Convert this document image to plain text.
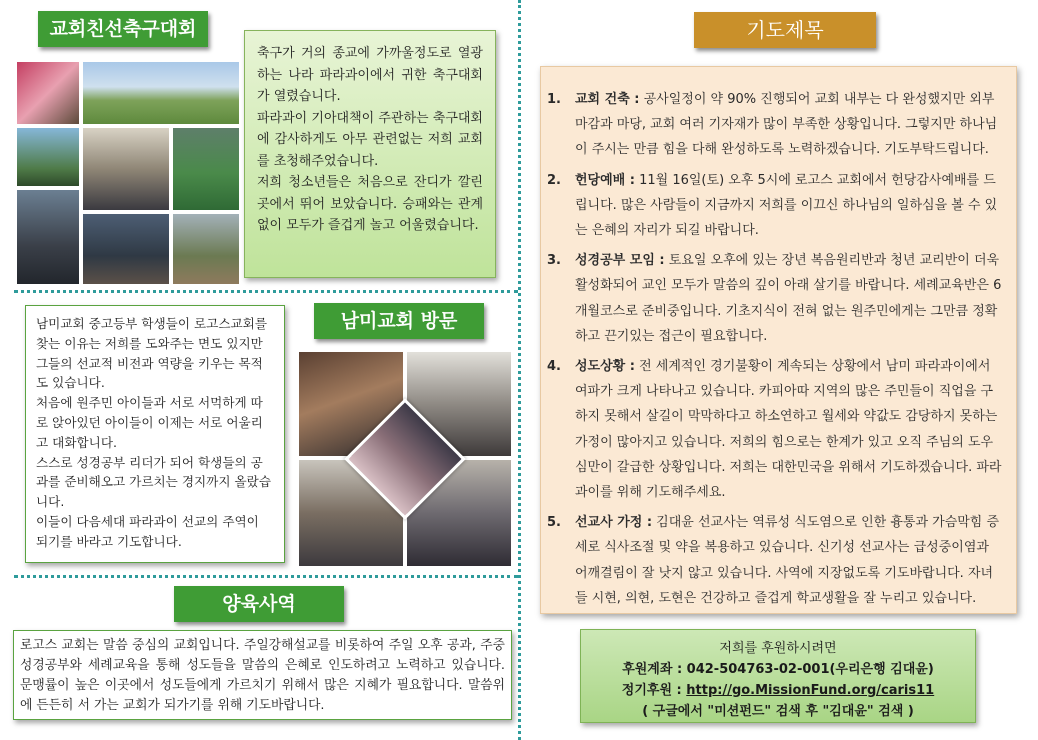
교회친선축구대회
축구가 거의 종교에 가까울정도로 열광하는 나라 파라과이에서 귀한 축구대회가 열렸습니다.
파라과이 기아대책이 주관하는 축구대회에 감사하게도 아무 관련없는 저희 교회를 초청해주었습니다.
저희 청소년들은 처음으로 잔디가 깔린 곳에서 뛰어 보았습니다. 승패와는 관계없이 모두가 즐겁게 놀고 어울렸습니다.

남미교회 중고등부 학생들이 로고스교회를 찾는 이유는 저희를 도와주는 면도 있지만 그들의 선교적 비전과 역량을 키우는 목적도 있습니다.

처음에 원주민 아이들과 서로 서먹하게 따로 앉아있던 아이들이 이제는 서로 어울리고 대화합니다.

스스로 성경공부 리더가 되어 학생들의 공과를 준비해오고 가르치는 경지까지 올랐습니다.

이들이 다음세대 파라과이 선교의 주역이 되기를 바라고 기도합니다.

남미교회 방문
양육사역

로고스 교회는 말씀 중심의 교회입니다. 주일강해설교를 비롯하여 주일 오후 공과, 주중성경공부와 세례교육을 통해 성도들을 말씀의 은혜로 인도하려고 노력하고 있습니다. 문맹률이 높은 이곳에서 성도들에게 가르치기 위해서 많은 지혜가 필요합니다. 말씀위에 든든히 서 가는 교회가 되가기를 위해 기도바랍니다.

기도제목
1. 교회 건축 : 공사일정이 약 90% 진행되어 교회 내부는 다 완성했지만 외부 마감과 마당, 교회 여러 기자재가 많이 부족한 상황입니다. 그렇지만 하나님이 주시는 만큼 힘을 다해 완성하도록 노력하겠습니다. 기도부탁드립니다.
2. 헌당예배 : 11월 16일(토) 오후 5시에 로고스 교회에서 헌당감사예배를 드립니다. 많은 사람들이 지금까지 저희를 이끄신 하나님의 일하심을 볼 수 있는 은혜의 자리가 되길 바랍니다.
3. 성경공부 모임 : 토요일 오후에 있는 장년 복음원리반과 청년 교리반이 더욱 활성화되어 교인 모두가 말씀의 깊이 아래 살기를 바랍니다. 세례교육반은 6개월코스로 준비중입니다. 기초지식이 전혀 없는 원주민에게는 그만큼 정확하고 끈기있는 접근이 필요합니다.
4. 성도상황 : 전 세계적인 경기불황이 계속되는 상황에서 남미 파라과이에서 여파가 크게 나타나고 있습니다. 카피아따 지역의 많은 주민들이 직업을 구하지 못해서 살길이 막막하다고 하소연하고 월세와 약값도 감당하지 못하는 가정이 많아지고 있습니다. 저희의 힘으로는 한계가 있고 오직 주님의 도우심만이 갈급한 상황입니다. 저희는 대한민국을 위해서 기도하겠습니다. 파라과이를 위해 기도해주세요.
5. 선교사 가정 : 김대윤 선교사는 역류성 식도염으로 인한 흉통과 가슴막힘 증세로 식사조절 및 약을 복용하고 있습니다. 신기성 선교사는 급성중이염과 어깨결림이 잘 낫지 않고 있습니다. 사역에 지장없도록 기도바랍니다. 자녀들 시현, 의현, 도현은 건강하고 즐겁게 학교생활을 잘 누리고 있습니다.
저희를 후원하시려면
후원계좌 : 042-504763-02-001(우리은행 김대윤)
정기후원 : http://go.MissionFund.org/caris11
( 구글에서 "미션펀드" 검색 후 "김대윤" 검색 )
